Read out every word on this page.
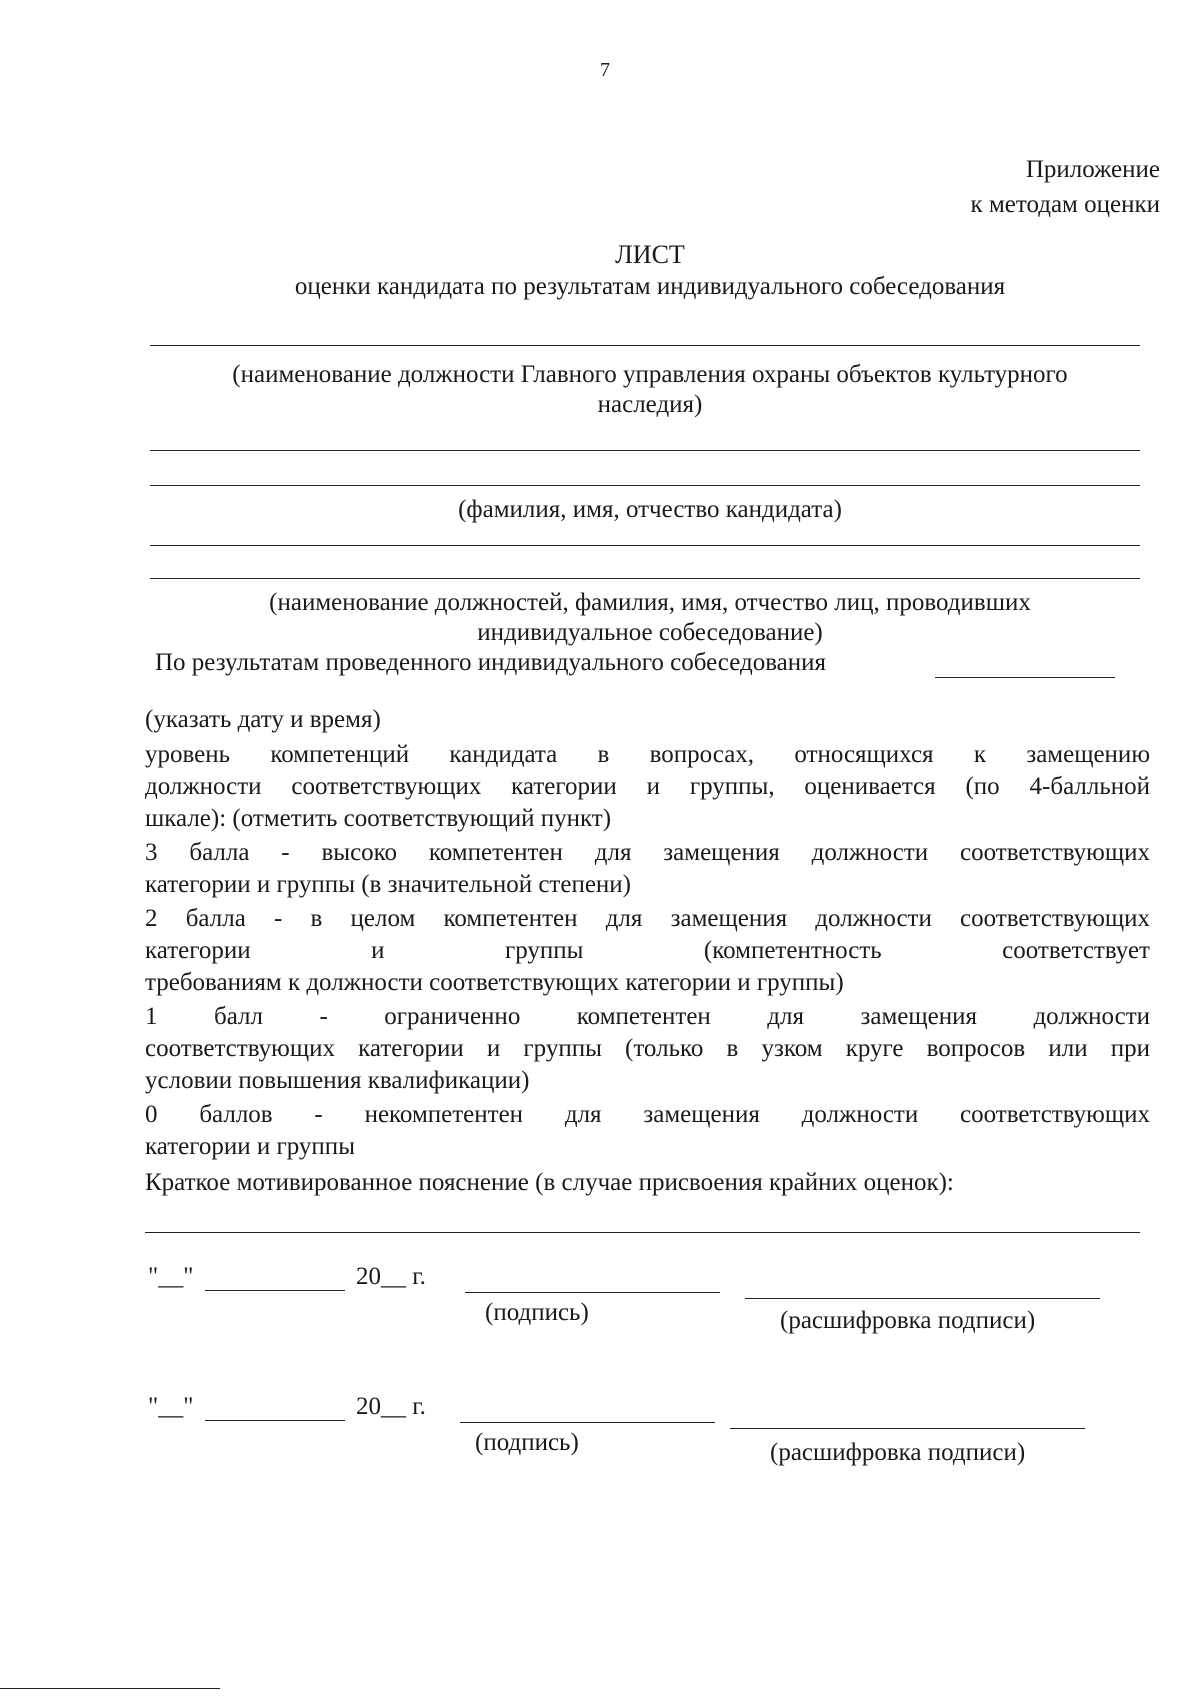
7
Приложение
к методам оценки
ЛИСТ
оценки кандидата по результатам индивидуального собеседования
(наименование должности Главного управления охраны объектов культурного
наследия)
(фамилия, имя, отчество кандидата)
(наименование должностей, фамилия, имя, отчество лиц, проводивших
индивидуальное собеседование)
По результатам проведенного индивидуального собеседования
(указать дату и время)
уровень компетенций кандидата в вопросах, относящихся к замещению
должности соответствующих категории и группы, оценивается (по 4-балльной
шкале): (отметить соответствующий пункт)
3 балла - высоко компетентен для замещения должности соответствующих
категории и группы (в значительной степени)
2 балла - в целом компетентен для замещения должности соответствующих
категории и группы (компетентность соответствует
требованиям к должности соответствующих категории и группы)
1 балл - ограниченно компетентен для замещения должности
соответствующих категории и группы (только в узком круге вопросов или при
условии повышения квалификации)
0 баллов - некомпетентен для замещения должности соответствующих
категории и группы
Краткое мотивированное пояснение (в случае присвоения крайних оценок):
"__"	20__ г.
(подпись)	(расшифровка подписи)
"__"	20__ г.
(подпись)	(расшифровка подписи)
